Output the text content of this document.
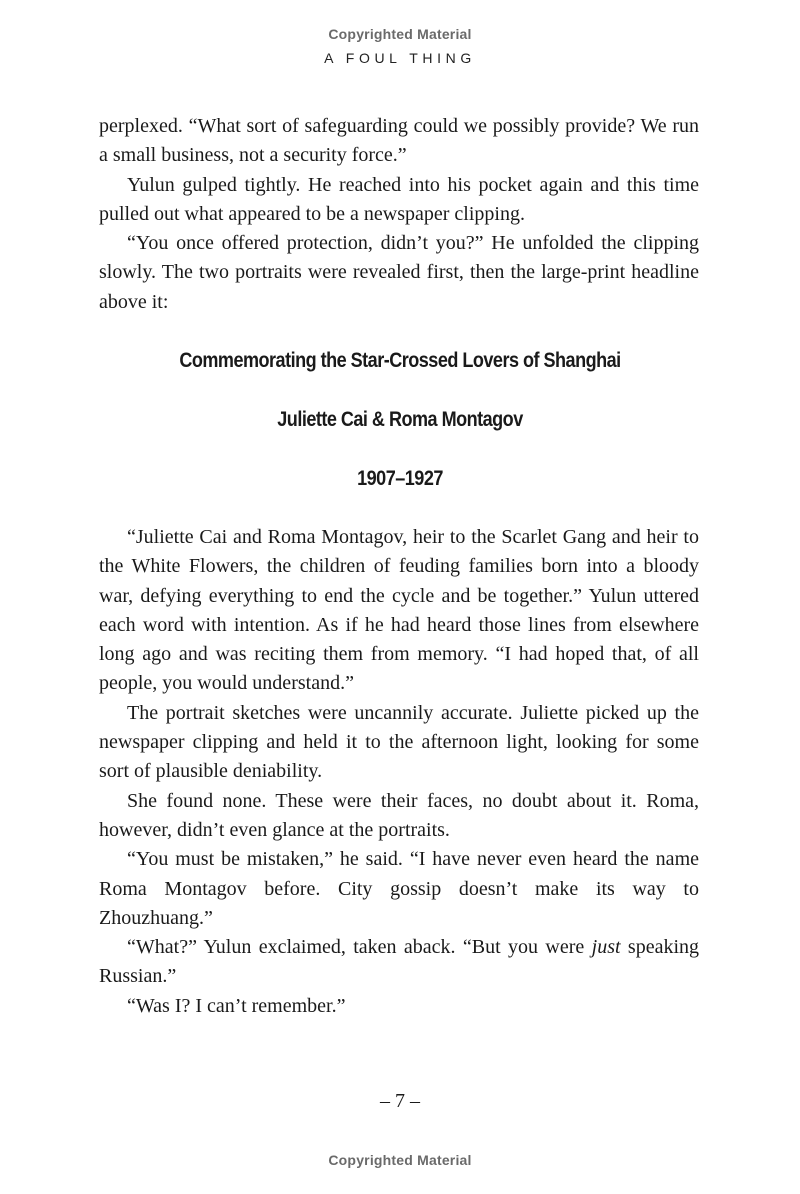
Copyrighted Material
A FOUL THING

perplexed. “What sort of safeguarding could we possibly provide? We run a small business, not a security force.”

Yulun gulped tightly. He reached into his pocket again and this time pulled out what appeared to be a newspaper clipping.

“You once offered protection, didn’t you?” He unfolded the clipping slowly. The two portraits were revealed first, then the large-print headline above it:

Commemorating the Star-Crossed Lovers of Shanghai
Juliette Cai & Roma Montagov
1907–1927

“Juliette Cai and Roma Montagov, heir to the Scarlet Gang and heir to the White Flowers, the children of feuding families born into a bloody war, defying everything to end the cycle and be together.” Yulun uttered each word with intention. As if he had heard those lines from elsewhere long ago and was reciting them from memory. “I had hoped that, of all people, you would understand.”

The portrait sketches were uncannily accurate. Juliette picked up the newspaper clipping and held it to the afternoon light, looking for some sort of plausible deniability.

She found none. These were their faces, no doubt about it. Roma, however, didn’t even glance at the portraits.

“You must be mistaken,” he said. “I have never even heard the name Roma Montagov before. City gossip doesn’t make its way to Zhouzhuang.”

“What?” Yulun exclaimed, taken aback. “But you were just speaking Russian.”

“Was I? I can’t remember.”

– 7 –
Copyrighted Material
